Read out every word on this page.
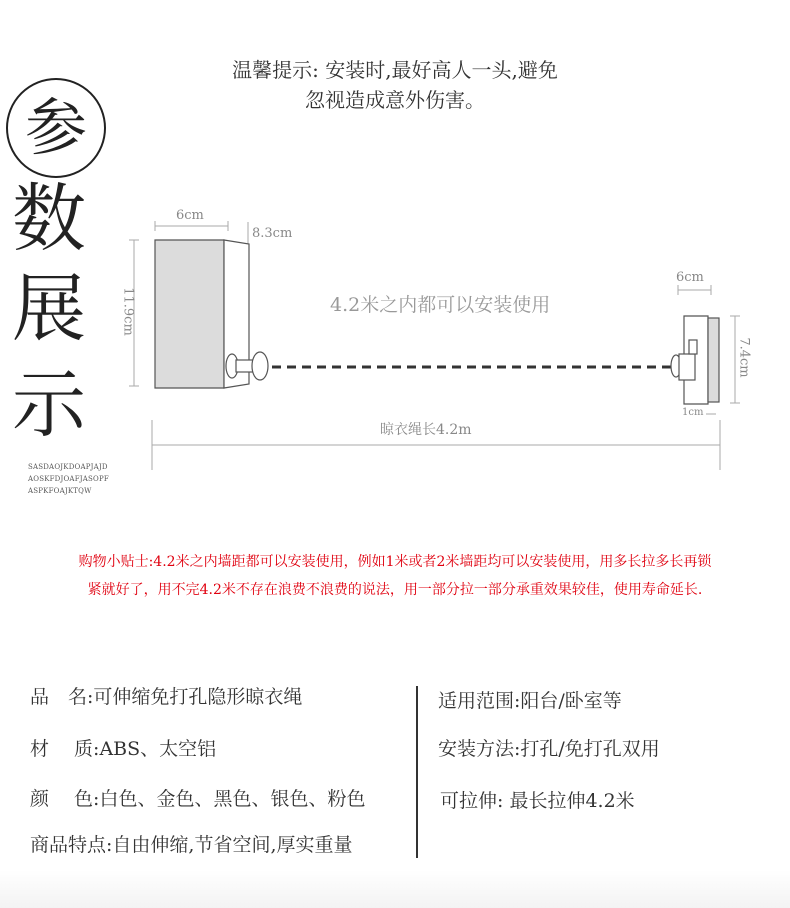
温馨提示: 安装时,最好高人一头,避免
忽视造成意外伤害。
参
数
展
示
SASDAOJKDOAPJAJD
AOSKFDJOAFJASOPF
ASPKFOAJKTQW
6cm
8.3cm
11.9cm	4.2米之内都可以安装使用
6cm
7.4cm
1cm
晾衣绳长4.2m
购物小贴士:4.2米之内墙距都可以安装使用，例如1米或者2米墙距均可以安装使用，用多长拉多长再锁
紧就好了，用不完4.2米不存在浪费不浪费的说法，用一部分拉一部分承重效果较佳，使用寿命延长.
品　名:可伸缩免打孔隐形晾衣绳
材　 质:ABS、太空铝
颜　 色:白色、金色、黑色、银色、粉色
商品特点:自由伸缩,节省空间,厚实重量
适用范围:阳台/卧室等
安装方法:打孔/免打孔双用
可拉伸: 最长拉伸4.2米
